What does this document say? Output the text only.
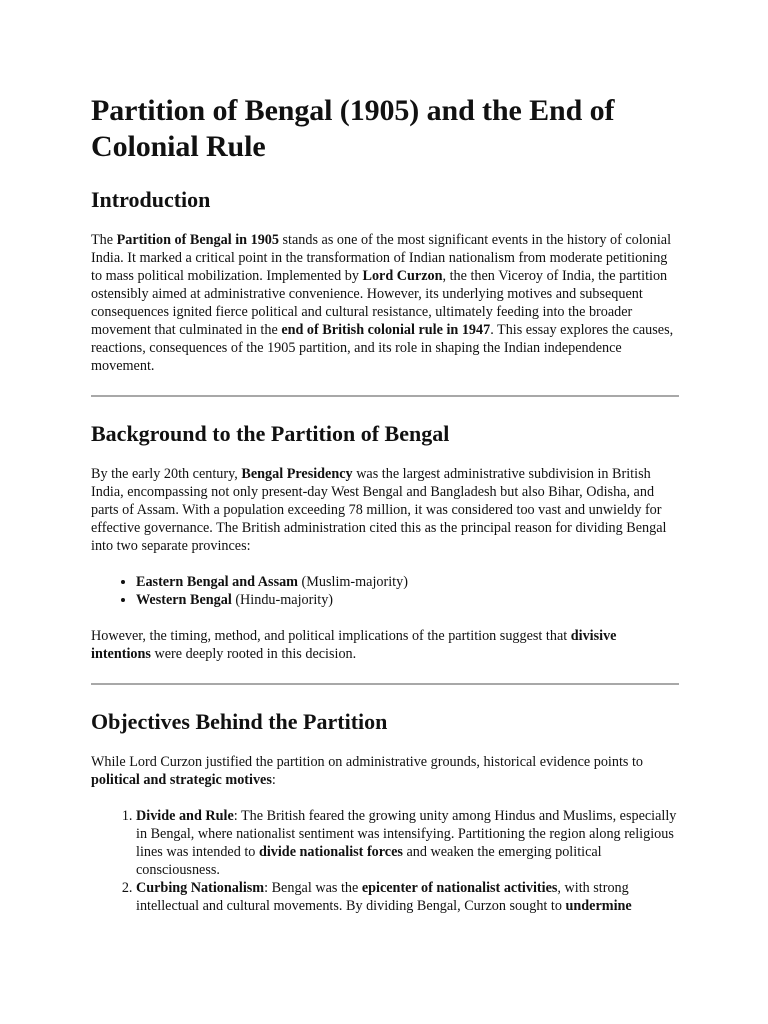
Partition of Bengal (1905) and the End of Colonial Rule
Introduction

The Partition of Bengal in 1905 stands as one of the most significant events in the history of colonial India. It marked a critical point in the transformation of Indian nationalism from moderate petitioning to mass political mobilization. Implemented by Lord Curzon, the then Viceroy of India, the partition ostensibly aimed at administrative convenience. However, its underlying motives and subsequent consequences ignited fierce political and cultural resistance, ultimately feeding into the broader movement that culminated in the end of British colonial rule in 1947. This essay explores the causes, reactions, consequences of the 1905 partition, and its role in shaping the Indian independence movement.

Background to the Partition of Bengal

By the early 20th century, Bengal Presidency was the largest administrative subdivision in British India, encompassing not only present-day West Bengal and Bangladesh but also Bihar, Odisha, and parts of Assam. With a population exceeding 78 million, it was considered too vast and unwieldy for effective governance. The British administration cited this as the principal reason for dividing Bengal into two separate provinces:

• Eastern Bengal and Assam (Muslim-majority)
• Western Bengal (Hindu-majority)

However, the timing, method, and political implications of the partition suggest that divisive intentions were deeply rooted in this decision.

Objectives Behind the Partition

While Lord Curzon justified the partition on administrative grounds, historical evidence points to political and strategic motives:

1. Divide and Rule: The British feared the growing unity among Hindus and Muslims, especially in Bengal, where nationalist sentiment was intensifying. Partitioning the region along religious lines was intended to divide nationalist forces and weaken the emerging political consciousness.
2. Curbing Nationalism: Bengal was the epicenter of nationalist activities, with strong intellectual and cultural movements. By dividing Bengal, Curzon sought to undermine
